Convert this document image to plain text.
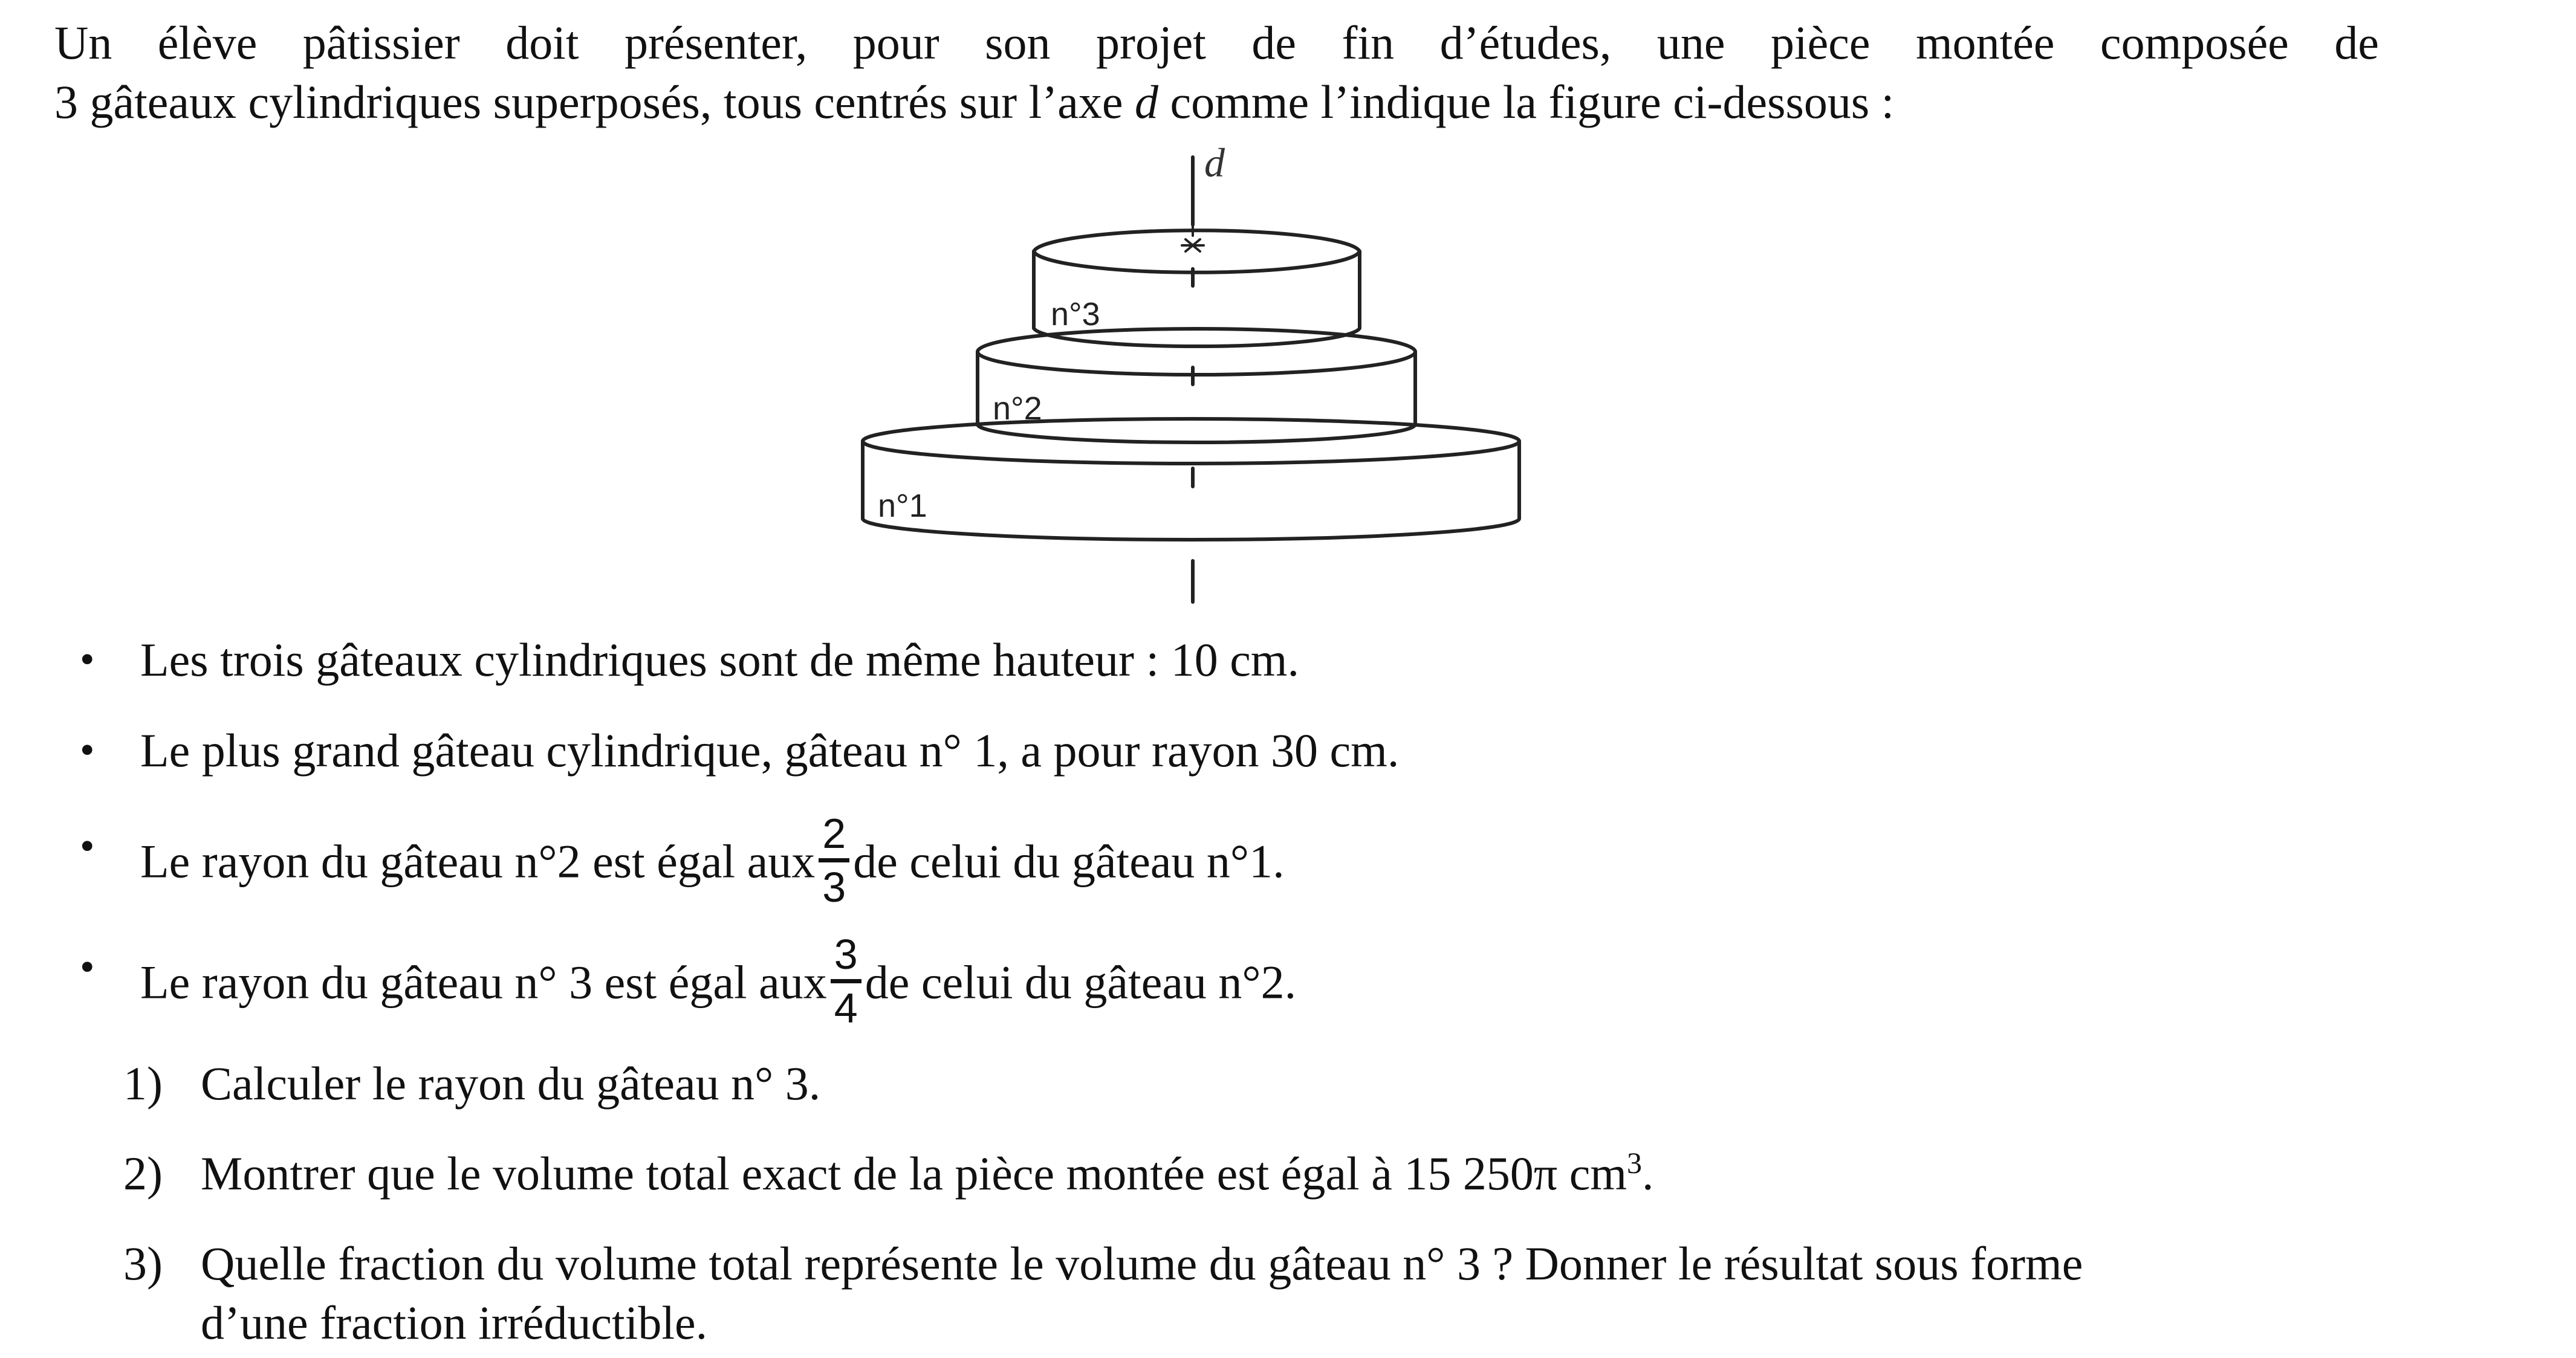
Un élève pâtissier doit présenter, pour son projet de fin d’études, une pièce montée composée de
3 gâteaux cylindriques superposés, tous centrés sur l’axe d comme l’indique la figure ci-dessous :
d
n°3
n°2
n°1
• Les trois gâteaux cylindriques sont de même hauteur : 10 cm.
• Le plus grand gâteau cylindrique, gâteau n° 1, a pour rayon 30 cm.
• Le rayon du gâteau n°2 est égal aux $\frac{2}{3}$ de celui du gâteau n°1.
• Le rayon du gâteau n° 3 est égal aux $\frac{3}{4}$ de celui du gâteau n°2.
1) Calculer le rayon du gâteau n° 3.
2) Montrer que le volume total exact de la pièce montée est égal à 15 250π $cm^3$.
3) Quelle fraction du volume total représente le volume du gâteau n° 3 ? Donner le résultat sous forme
d’une fraction irréductible.
